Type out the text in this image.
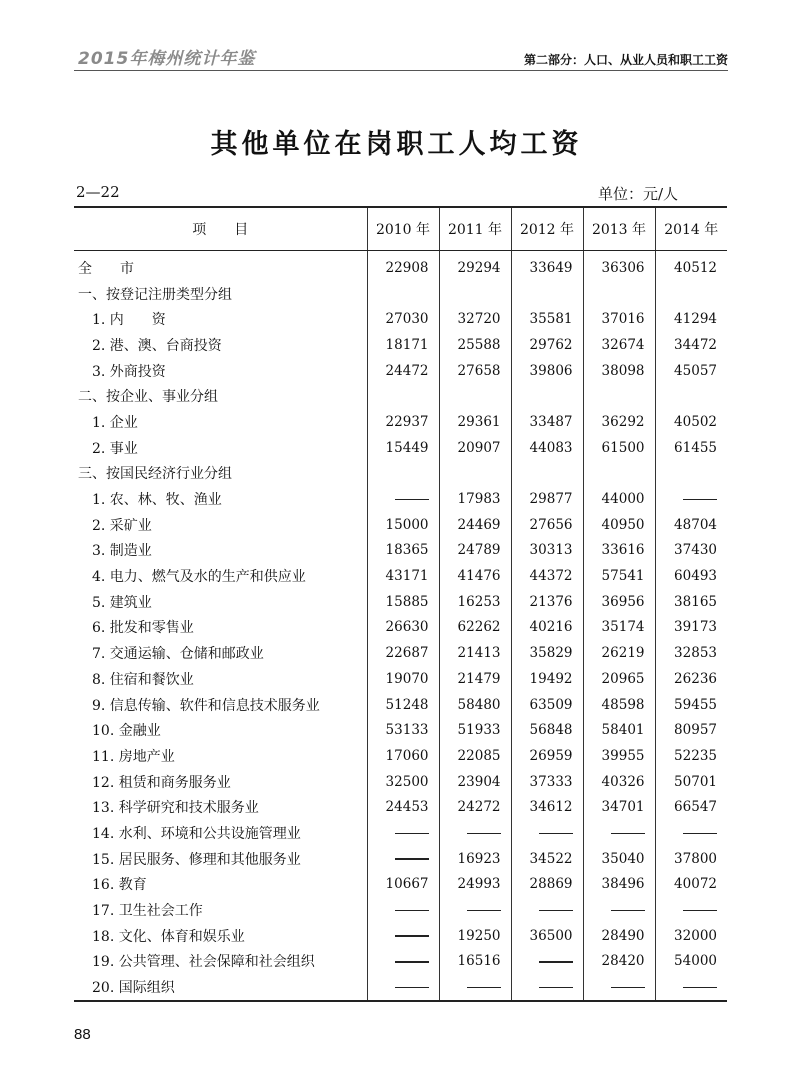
2015年梅州统计年鉴	第二部分：人口、从业人员和职工工资
其他单位在岗职工人均工资
2—22	单位：元/人
项　　目	2010 年	2011 年	2012 年	2013 年	2014 年
全　　市	22908	29294	33649	36306	40512
一、按登记注册类型分组					
　1. 内　　资	27030	32720	35581	37016	41294
　2. 港、澳、台商投资	18171	25588	29762	32674	34472
　3. 外商投资	24472	27658	39806	38098	45057
二、按企业、事业分组					
　1. 企业	22937	29361	33487	36292	40502
　2. 事业	15449	20907	44083	61500	61455
三、按国民经济行业分组					
　1. 农、林、牧、渔业		17983	29877	44000	
　2. 采矿业	15000	24469	27656	40950	48704
　3. 制造业	18365	24789	30313	33616	37430
　4. 电力、燃气及水的生产和供应业	43171	41476	44372	57541	60493
　5. 建筑业	15885	16253	21376	36956	38165
　6. 批发和零售业	26630	62262	40216	35174	39173
　7. 交通运输、仓储和邮政业	22687	21413	35829	26219	32853
　8. 住宿和餐饮业	19070	21479	19492	20965	26236
　9. 信息传输、软件和信息技术服务业	51248	58480	63509	48598	59455
　10. 金融业	53133	51933	56848	58401	80957
　11. 房地产业	17060	22085	26959	39955	52235
　12. 租赁和商务服务业	32500	23904	37333	40326	50701
　13. 科学研究和技术服务业	24453	24272	34612	34701	66547
　14. 水利、环境和公共设施管理业					
　15. 居民服务、修理和其他服务业		16923	34522	35040	37800
　16. 教育	10667	24993	28869	38496	40072
　17. 卫生社会工作					
　18. 文化、体育和娱乐业		19250	36500	28490	32000
　19. 公共管理、社会保障和社会组织		16516		28420	54000
　20. 国际组织					
88
